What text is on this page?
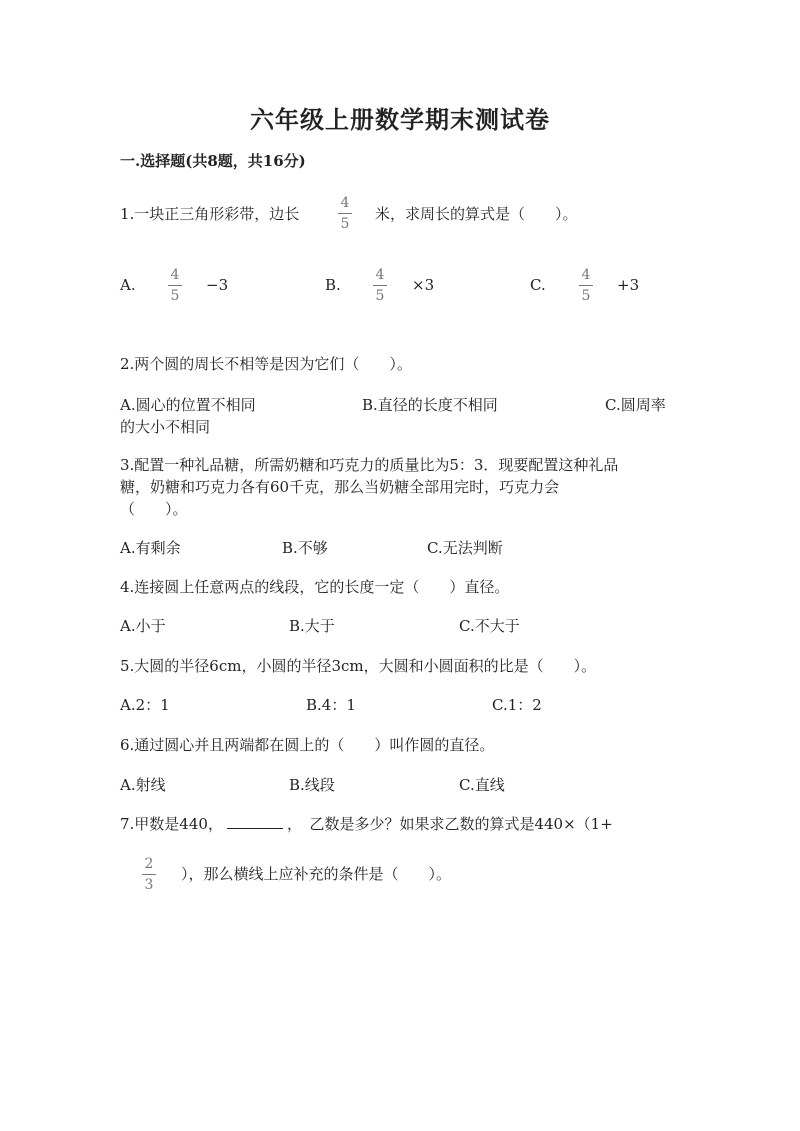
六年级上册数学期末测试卷
一.选择题(共8题，共16分)
1.一块正三角形彩带，边长
4
5
米，求周长的算式是（　　）。
A.
4
5
−3	B.
4
5
×3	C.
4
5
+3
2.两个圆的周长不相等是因为它们（　　）。
A.圆心的位置不相同	B.直径的长度不相同	C.圆周率
的大小不相同
3.配置一种礼品糖，所需奶糖和巧克力的质量比为5：3．现要配置这种礼品
糖，奶糖和巧克力各有60千克，那么当奶糖全部用完时，巧克力会
（　　）。
A.有剩余	B.不够	C.无法判断
4.连接圆上任意两点的线段，它的长度一定（　　）直径。
A.小于	B.大于	C.不大于
5.大圆的半径6cm，小圆的半径3cm，大圆和小圆面积的比是（　　）。
A.2：1	B.4：1	C.1：2
6.通过圆心并且两端都在圆上的（　　）叫作圆的直径。
A.射线	B.线段	C.直线
7.甲数是440，	，　乙数是多少？如果求乙数的算式是440×（1+
2
3
），那么横线上应补充的条件是（　　）。
